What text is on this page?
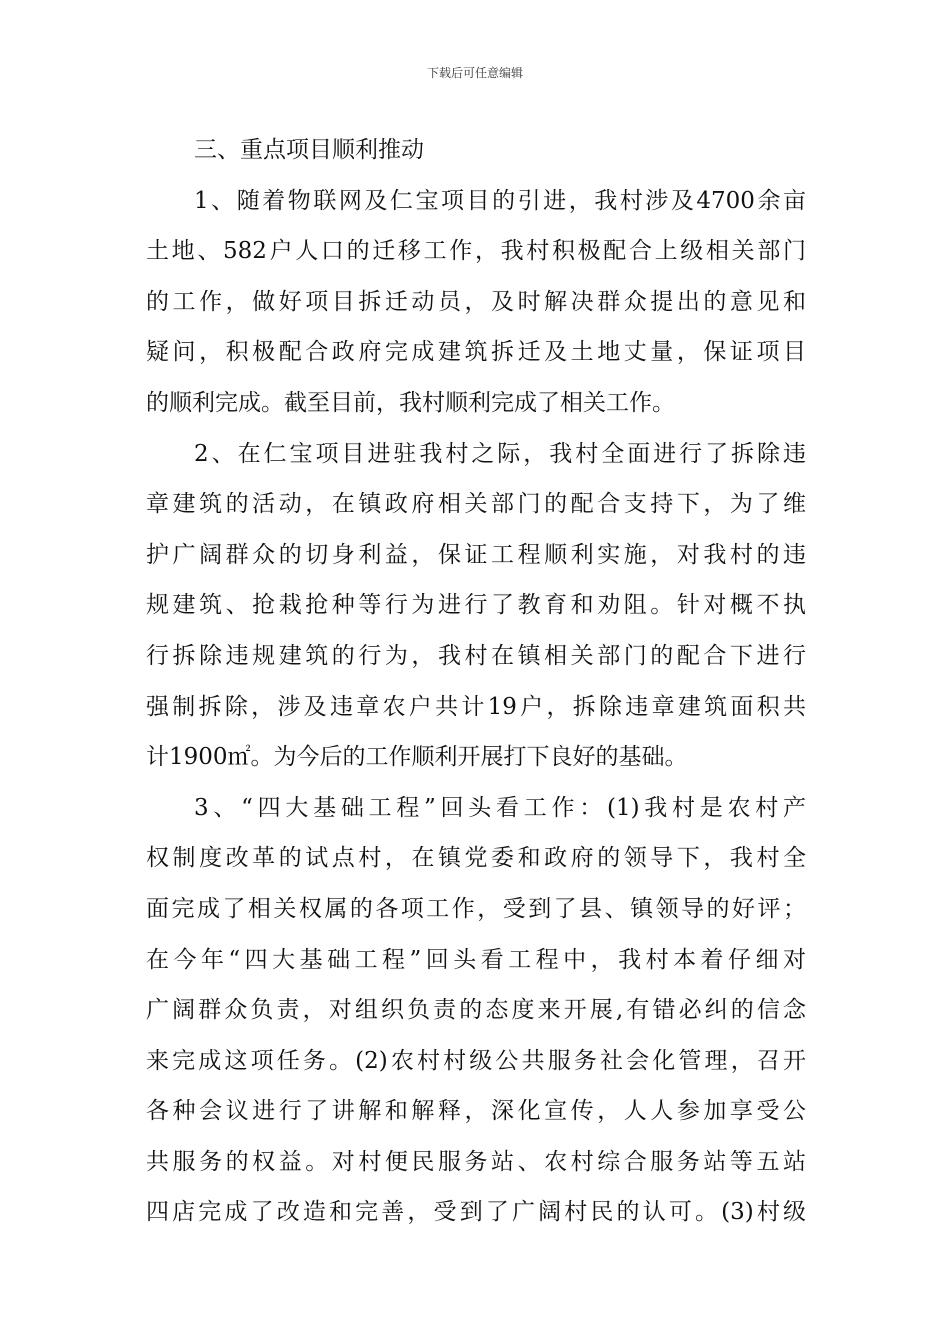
下载后可任意编辑
三、重点项目顺利推动
1、随着物联网及仁宝项目的引进，我村涉及4700余亩
土地、582户人口的迁移工作，我村积极配合上级相关部门
的工作，做好项目拆迁动员，及时解决群众提出的意见和
疑问，积极配合政府完成建筑拆迁及土地丈量，保证项目
的顺利完成。截至目前，我村顺利完成了相关工作。
2、在仁宝项目进驻我村之际，我村全面进行了拆除违
章建筑的活动，在镇政府相关部门的配合支持下，为了维
护广阔群众的切身利益，保证工程顺利实施，对我村的违
规建筑、抢栽抢种等行为进行了教育和劝阻。针对概不执
行拆除违规建筑的行为，我村在镇相关部门的配合下进行
强制拆除，涉及违章农户共计19户，拆除违章建筑面积共
计1900㎡。为今后的工作顺利开展打下良好的基础。
3、“四大基础工程”回头看工作：(1)我村是农村产
权制度改革的试点村，在镇党委和政府的领导下，我村全
面完成了相关权属的各项工作，受到了县、镇领导的好评；
在今年“四大基础工程”回头看工程中，我村本着仔细对
广阔群众负责，对组织负责的态度来开展,有错必纠的信念
来完成这项任务。(2)农村村级公共服务社会化管理，召开
各种会议进行了讲解和解释，深化宣传，人人参加享受公
共服务的权益。对村便民服务站、农村综合服务站等五站
四店完成了改造和完善，受到了广阔村民的认可。(3)村级
